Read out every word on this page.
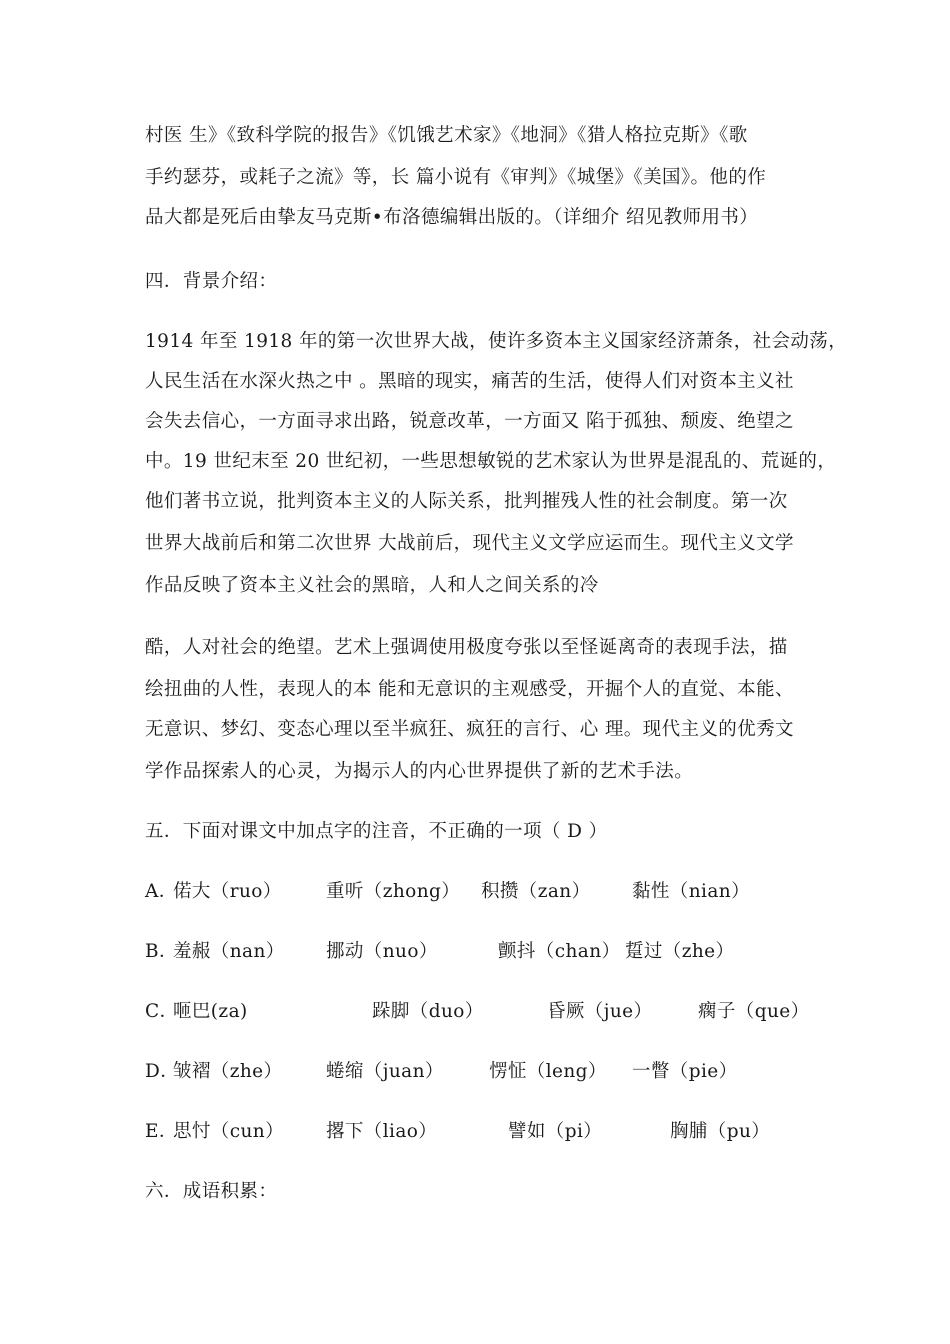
村医 生》《致科学院的报告》《饥饿艺术家》《地洞》《猎人格拉克斯》《歌
手约瑟芬，或耗子之流》等，长 篇小说有《审判》《城堡》《美国》。他的作
品大都是死后由挚友马克斯•布洛德编辑出版的。（详细介 绍见教师用书）
四．背景介绍：
1914 年至 1918 年的第一次世界大战，使许多资本主义国家经济萧条，社会动荡，
人民生活在水深火热之中 。黑暗的现实，痛苦的生活，使得人们对资本主义社
会失去信心，一方面寻求出路，锐意改革，一方面又 陷于孤独、颓废、绝望之
中。19 世纪末至 20 世纪初，一些思想敏锐的艺术家认为世界是混乱的、荒诞的，
他们著书立说，批判资本主义的人际关系，批判摧残人性的社会制度。第一次
世界大战前后和第二次世界 大战前后，现代主义文学应运而生。现代主义文学
作品反映了资本主义社会的黑暗，人和人之间关系的冷
酷，人对社会的绝望。艺术上强调使用极度夸张以至怪诞离奇的表现手法，描
绘扭曲的人性，表现人的本 能和无意识的主观感受，开掘个人的直觉、本能、
无意识、梦幻、变态心理以至半疯狂、疯狂的言行、心 理。现代主义的优秀文
学作品探索人的心灵，为揭示人的内心世界提供了新的艺术手法。
五．下面对课文中加点字的注音，不正确的一项（ D ）
A．
偌大（ruo） 重听（zhong） 积攒（zan） 黏性（nian）
B．
羞赧（nan） 挪动（nuo）	颤抖（chan） 踅过（zhe）
C．
咂巴(za)	跺脚（duo）	昏厥（jue） 瘸子（que）
D．
皱褶（zhe） 蜷缩（juan） 愣怔（leng） 一瞥（pie）
E．
思忖（cun） 撂下（liao）	譬如（pi）	胸脯（pu）
六．成语积累：
